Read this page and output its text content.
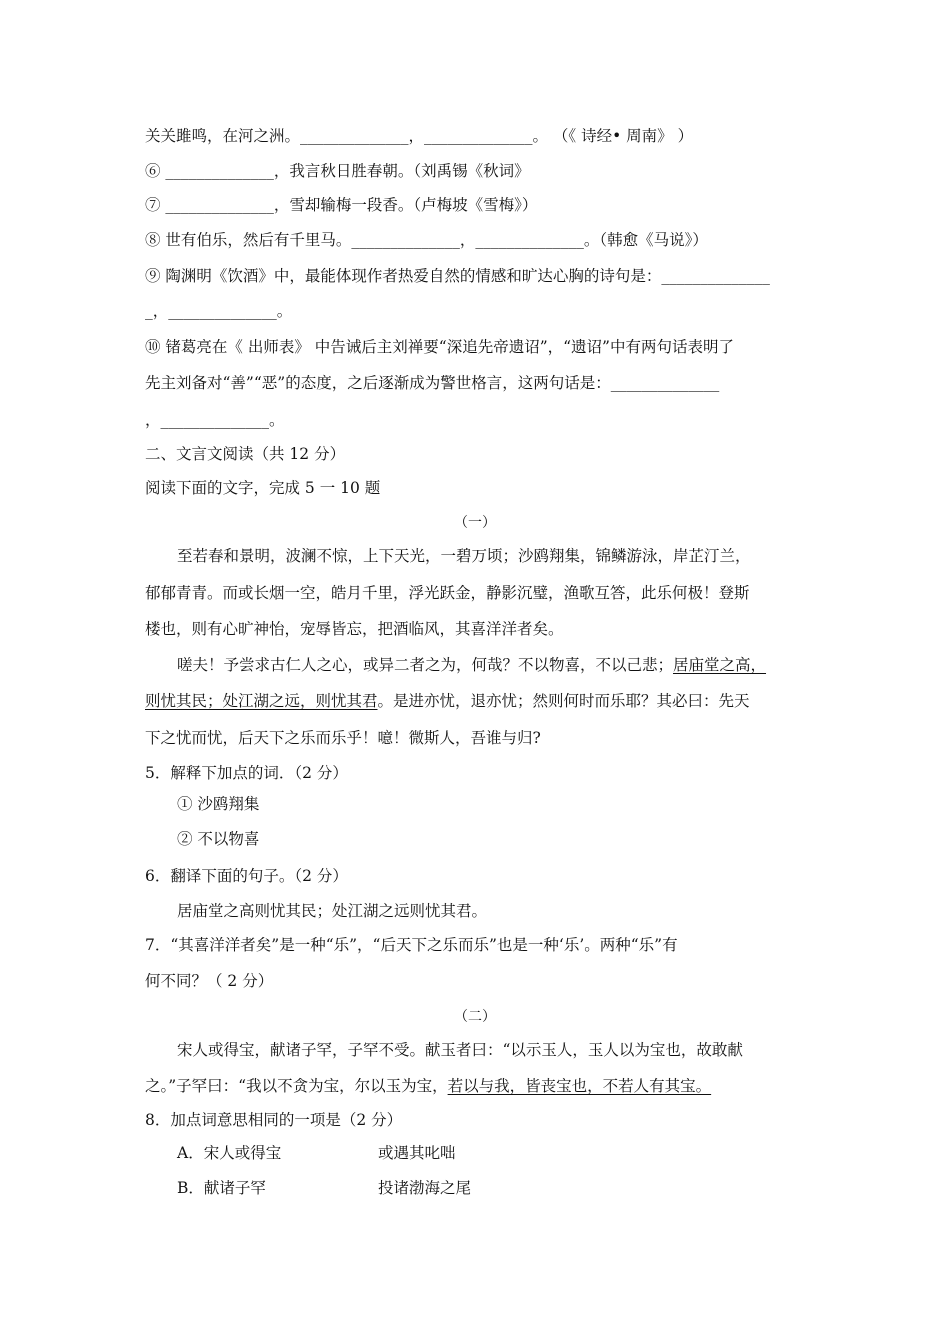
关关雎鸣，在河之洲。______________，______________。 （《 诗经• 周南》 ）
⑥ ______________，我言秋日胜春朝。（刘禹锡《秋词》
⑦ ______________，雪却输梅一段香。（卢梅坡《雪梅》）
⑧ 世有伯乐，然后有千里马。______________，______________。（韩愈《马说》）
⑨ 陶渊明《饮酒》中，最能体现作者热爱自然的情感和旷达心胸的诗句是：______________
_，______________。
⑩ 锗葛亮在《 出师表》 中告诫后主刘禅要“深追先帝遗诏”，“遗诏”中有两句话表明了
先主刘备对“善”“恶”的态度，之后逐渐成为警世格言，这两句话是：______________
，______________。
二、文言文阅读（共 12 分）
阅读下面的文字，完成 5 一 10 题
（一）
至若春和景明，波澜不惊，上下天光，一碧万顷；沙鸥翔集，锦鳞游泳，岸芷汀兰，
郁郁青青。而或长烟一空，皓月千里，浮光跃金，静影沉璧，渔歌互答，此乐何极！登斯
楼也，则有心旷神怡，宠辱皆忘，把酒临风，其喜洋洋者矣。
嗟夫！予尝求古仁人之心，或异二者之为，何哉？不以物喜，不以己悲；居庙堂之高，
则忧其民；处江湖之远，则忧其君。是进亦忧，退亦忧；然则何时而乐耶？其必曰：先天
下之忧而忧，后天下之乐而乐乎！噫！微斯人，吾谁与归?
5．解释下加点的词．（2 分）
① 沙鸥翔集
② 不以物喜
6．翻译下面的句子。（2 分）
居庙堂之高则忧其民；处江湖之远则忧其君。
7．“其喜洋洋者矣”是一种“乐”，“后天下之乐而乐”也是一种‘乐’。两种“乐”有
何不同？（ 2 分）
（二）
宋人或得宝，献诸子罕，子罕不受。献玉者曰：“以示玉人，玉人以为宝也，故敢献
之。”子罕曰：“我以不贪为宝，尔以玉为宝，若以与我，皆丧宝也，不若人有其宝。
8．加点词意思相同的一项是（2 分）
A．宋人或得宝	或遇其叱咄
B．献诸子罕	投诸渤海之尾
